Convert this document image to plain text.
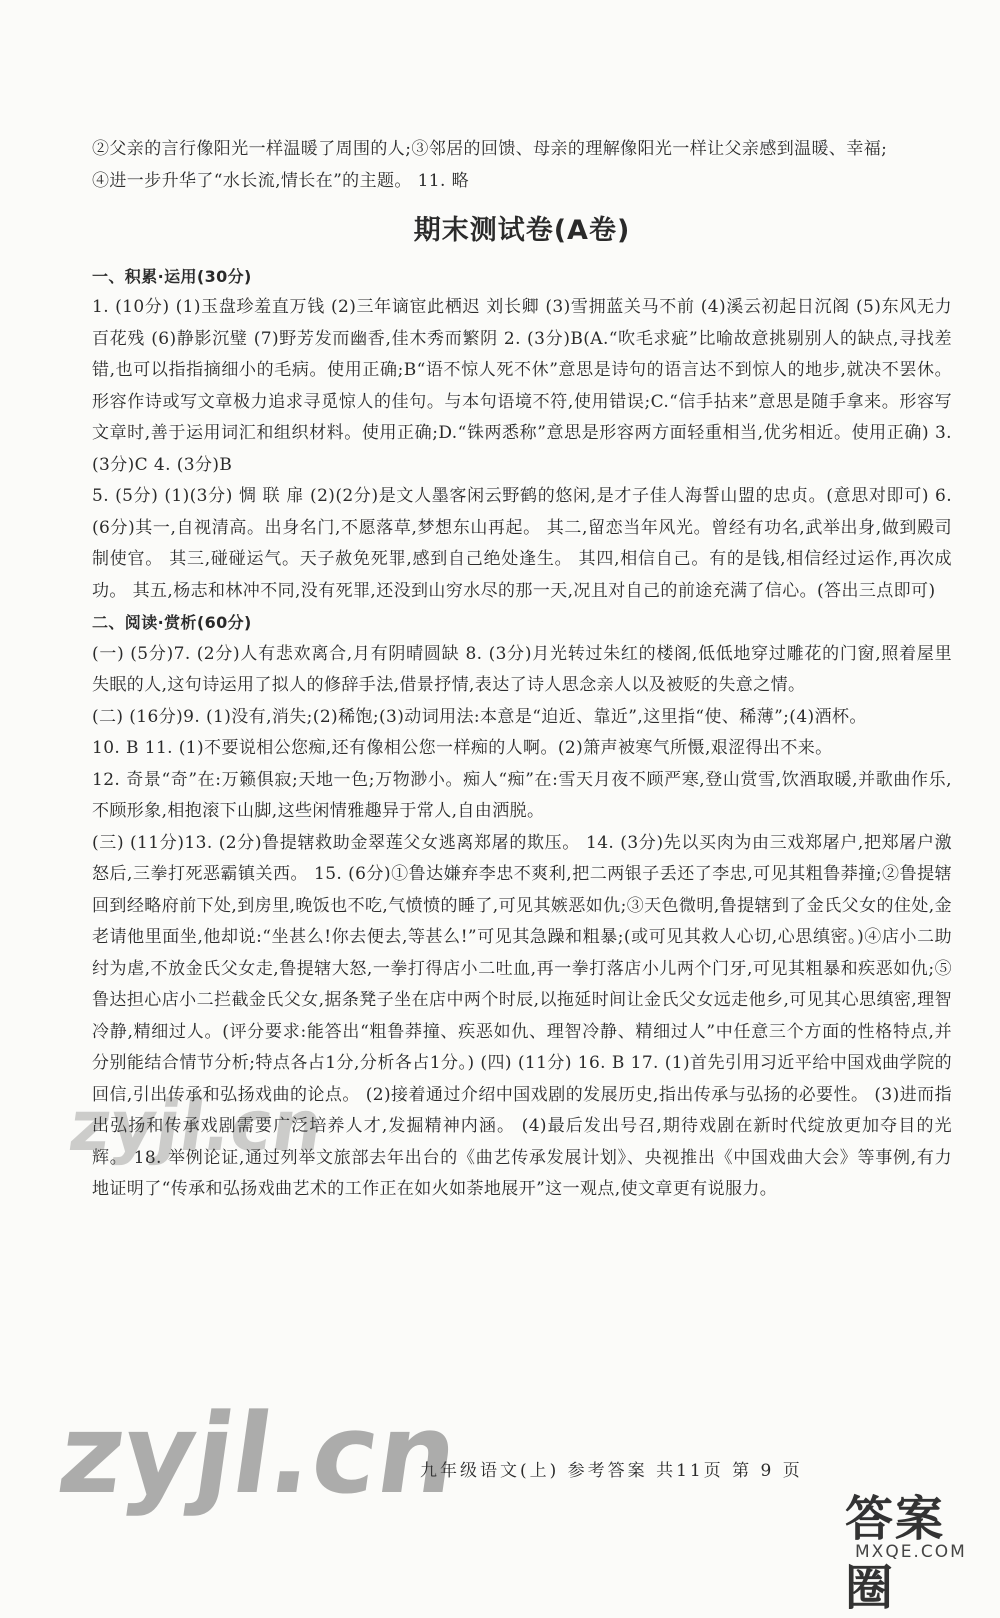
②父亲的言行像阳光一样温暖了周围的人;③邻居的回馈、母亲的理解像阳光一样让父亲感到温暖、幸福;

④进一步升华了“水长流,情长在”的主题。 11. 略

期末测试卷(A卷)

一、积累·运用(30分)

1. (10分) (1)玉盘珍羞直万钱 (2)三年谪宦此栖迟 刘长卿 (3)雪拥蓝关马不前 (4)溪云初起日沉阁 (5)东风无力百花残 (6)静影沉璧 (7)野芳发而幽香,佳木秀而繁阴 2. (3分)B(A.“吹毛求疵”比喻故意挑剔别人的缺点,寻找差错,也可以指指摘细小的毛病。使用正确;B“语不惊人死不休”意思是诗句的语言达不到惊人的地步,就决不罢休。形容作诗或写文章极力追求寻觅惊人的佳句。与本句语境不符,使用错误;C.“信手拈来”意思是随手拿来。形容写文章时,善于运用词汇和组织材料。使用正确;D.“铢两悉称”意思是形容两方面轻重相当,优劣相近。使用正确) 3. (3分)C 4. (3分)B

5. (5分) (1)(3分) 惆 联 扉 (2)(2分)是文人墨客闲云野鹤的悠闲,是才子佳人海誓山盟的忠贞。(意思对即可) 6. (6分)其一,自视清高。出身名门,不愿落草,梦想东山再起。 其二,留恋当年风光。曾经有功名,武举出身,做到殿司制使官。 其三,碰碰运气。天子赦免死罪,感到自己绝处逢生。 其四,相信自己。有的是钱,相信经过运作,再次成功。 其五,杨志和林冲不同,没有死罪,还没到山穷水尽的那一天,况且对自己的前途充满了信心。(答出三点即可)

二、阅读·赏析(60分)

(一) (5分)7. (2分)人有悲欢离合,月有阴晴圆缺 8. (3分)月光转过朱红的楼阁,低低地穿过雕花的门窗,照着屋里失眠的人,这句诗运用了拟人的修辞手法,借景抒情,表达了诗人思念亲人以及被贬的失意之情。

(二) (16分)9. (1)没有,消失;(2)稀饱;(3)动词用法:本意是“迫近、靠近”,这里指“使、稀薄”;(4)酒杯。

10. B 11. (1)不要说相公您痴,还有像相公您一样痴的人啊。(2)箫声被寒气所慑,艰涩得出不来。

12. 奇景“奇”在:万籁俱寂;天地一色;万物渺小。痴人“痴”在:雪天月夜不顾严寒,登山赏雪,饮酒取暖,并歌曲作乐,不顾形象,相抱滚下山脚,这些闲情雅趣异于常人,自由洒脱。

(三) (11分)13. (2分)鲁提辖救助金翠莲父女逃离郑屠的欺压。 14. (3分)先以买肉为由三戏郑屠户,把郑屠户激怒后,三拳打死恶霸镇关西。 15. (6分)①鲁达嫌弃李忠不爽利,把二两银子丢还了李忠,可见其粗鲁莽撞;②鲁提辖回到经略府前下处,到房里,晚饭也不吃,气愤愤的睡了,可见其嫉恶如仇;③天色微明,鲁提辖到了金氏父女的住处,金老请他里面坐,他却说:“坐甚么!你去便去,等甚么!”可见其急躁和粗暴;(或可见其救人心切,心思缜密。)④店小二助纣为虐,不放金氏父女走,鲁提辖大怒,一拳打得店小二吐血,再一拳打落店小儿两个门牙,可见其粗暴和疾恶如仇;⑤鲁达担心店小二拦截金氏父女,据条凳子坐在店中两个时辰,以拖延时间让金氏父女远走他乡,可见其心思缜密,理智冷静,精细过人。(评分要求:能答出“粗鲁莽撞、疾恶如仇、理智冷静、精细过人”中任意三个方面的性格特点,并分别能结合情节分析;特点各占1分,分析各占1分。) (四) (11分) 16. B 17. (1)首先引用习近平给中国戏曲学院的回信,引出传承和弘扬戏曲的论点。 (2)接着通过介绍中国戏剧的发展历史,指出传承与弘扬的必要性。 (3)进而指出弘扬和传承戏剧需要广泛培养人才,发掘精神内涵。 (4)最后发出号召,期待戏剧在新时代绽放更加夺目的光辉。 18. 举例论证,通过列举文旅部去年出台的《曲艺传承发展计划》、央视推出《中国戏曲大会》等事例,有力地证明了“传承和弘扬戏曲艺术的工作正在如火如荼地展开”这一观点,使文章更有说服力。

九年级语文(上) 参考答案 共11页 第 9 页
zyjl.cn
zyjl.cn
答案圈
MXQE.COM
